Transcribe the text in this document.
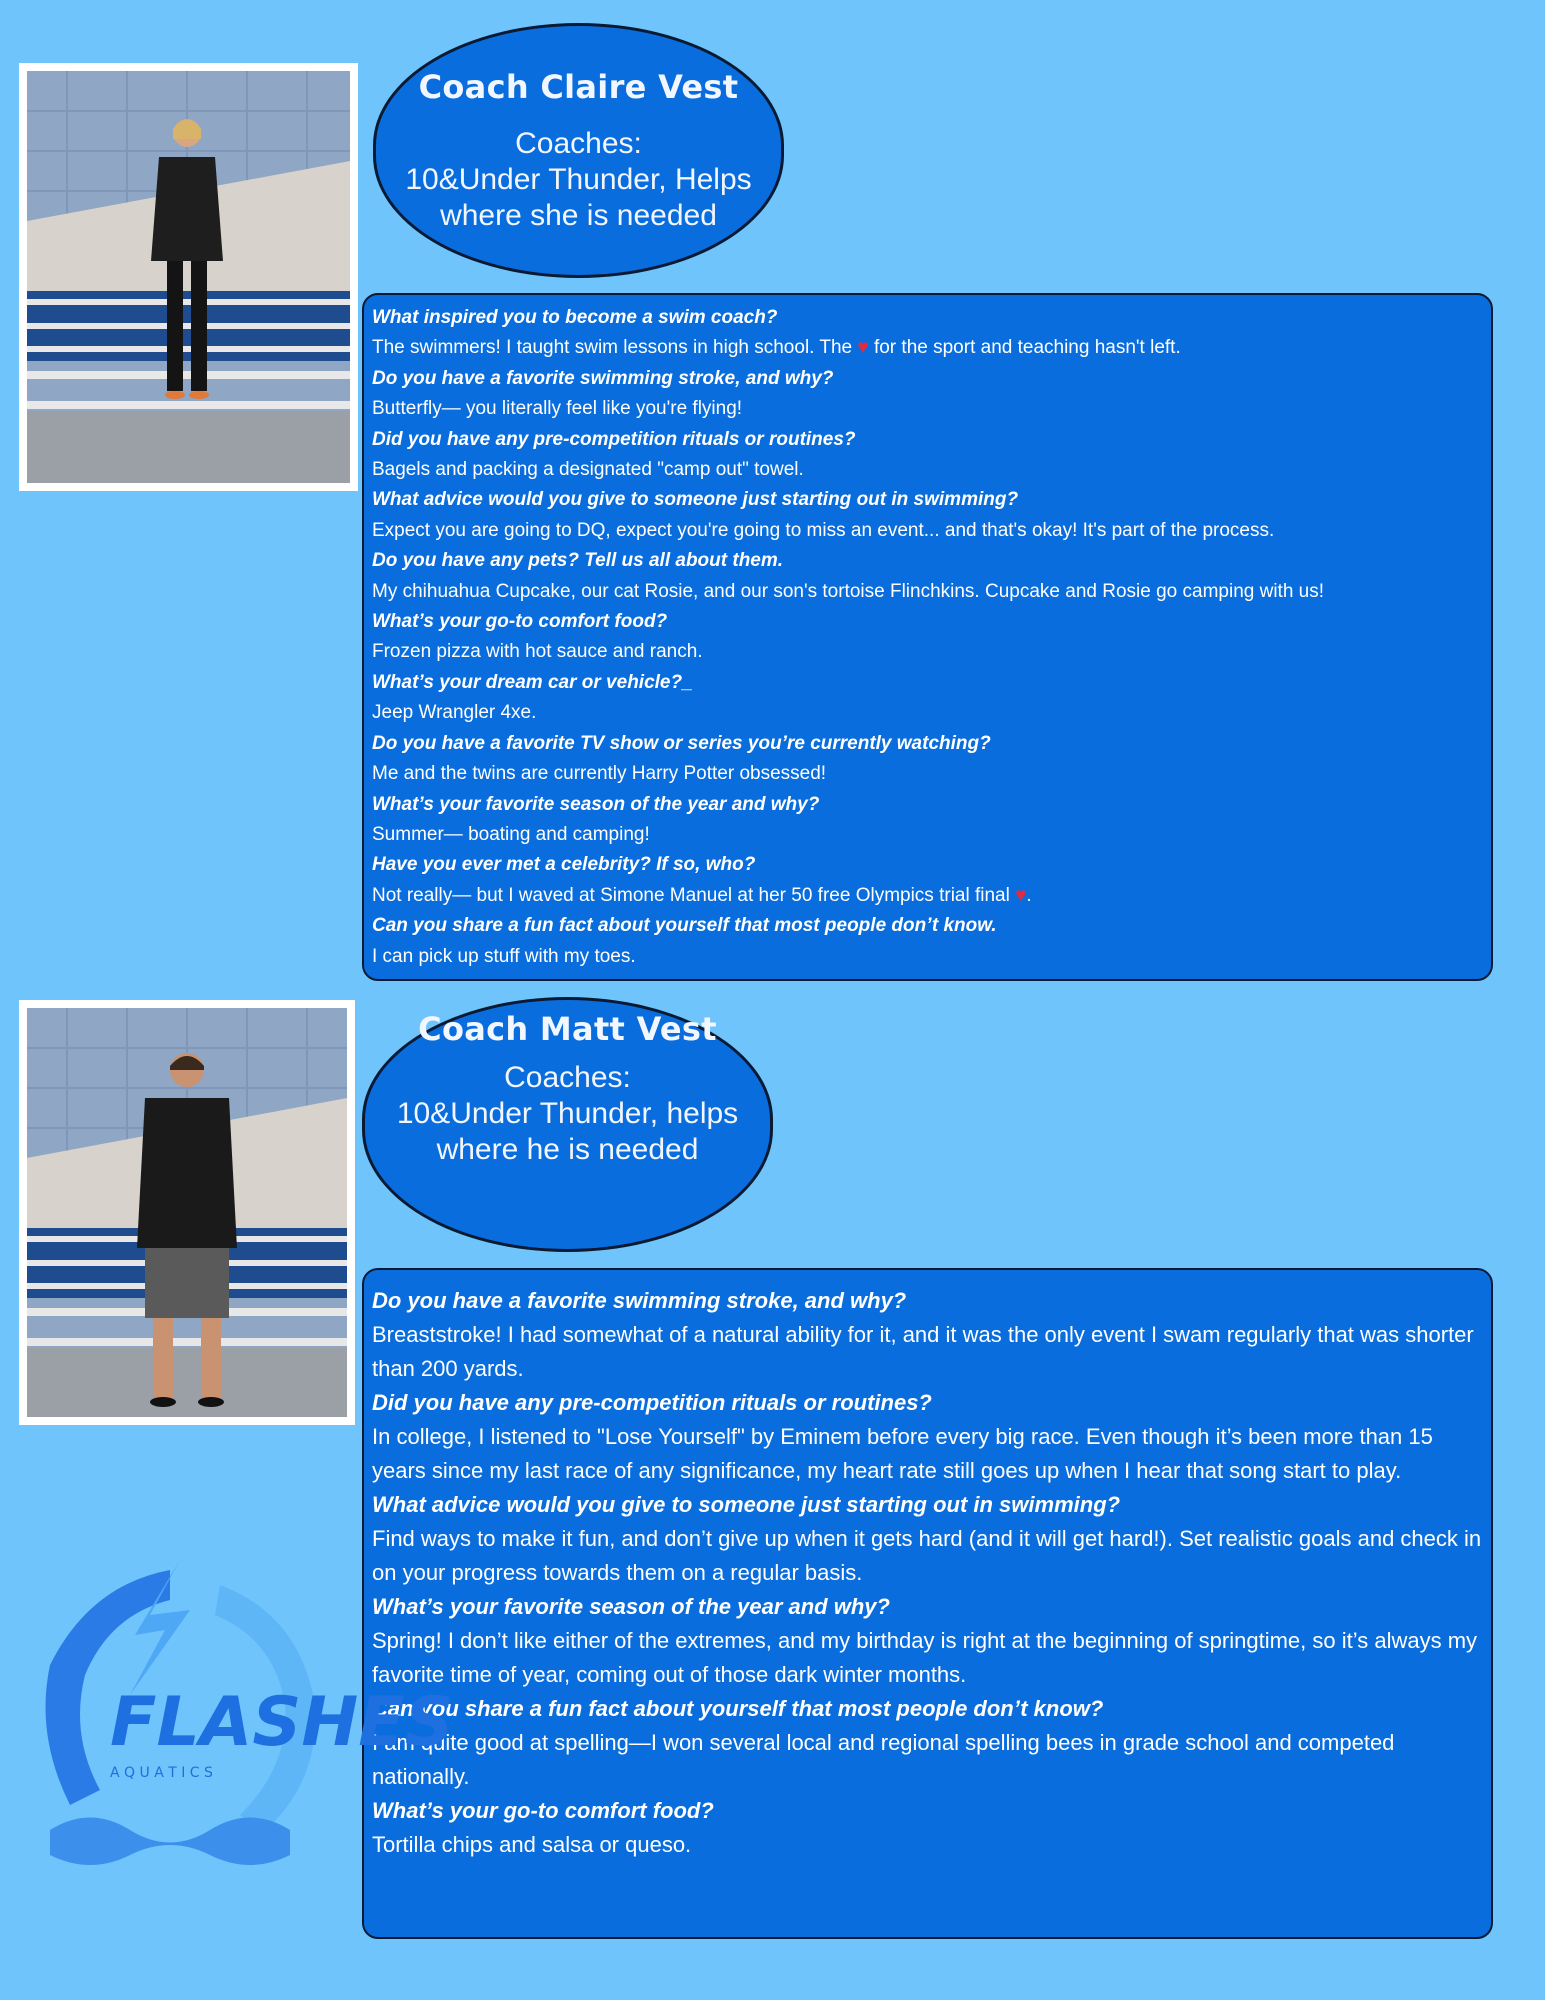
Coach Claire Vest
Coaches:
10&Under Thunder, Helps
where she is needed
What inspired you to become a swim coach?
The swimmers! I taught swim lessons in high school. The ♥ for the sport and teaching hasn't left.
Do you have a favorite swimming stroke, and why?
Butterfly— you literally feel like you're flying!
Did you have any pre-competition rituals or routines?
Bagels and packing a designated "camp out" towel.
What advice would you give to someone just starting out in swimming?
Expect you are going to DQ, expect you're going to miss an event... and that's okay! It's part of the process.
Do you have any pets? Tell us all about them.
My chihuahua Cupcake, our cat Rosie, and our son's tortoise Flinchkins. Cupcake and Rosie go camping with us!
What’s your go-to comfort food?
Frozen pizza with hot sauce and ranch.
What’s your dream car or vehicle?_
Jeep Wrangler 4xe.
Do you have a favorite TV show or series you’re currently watching?
Me and the twins are currently Harry Potter obsessed!
What’s your favorite season of the year and why?
Summer— boating and camping!
Have you ever met a celebrity? If so, who?
Not really— but I waved at Simone Manuel at her 50 free Olympics trial final ♥.
Can you share a fun fact about yourself that most people don’t know.
I can pick up stuff with my toes.
Coach Matt Vest
Coaches:
10&Under Thunder, helps
where he is needed
Do you have a favorite swimming stroke, and why?
Breaststroke! I had somewhat of a natural ability for it, and it was the only event I swam regularly that was shorter than 200 yards.
Did you have any pre-competition rituals or routines?
In college, I listened to "Lose Yourself" by Eminem before every big race. Even though it’s been more than 15 years since my last race of any significance, my heart rate still goes up when I hear that song start to play.
What advice would you give to someone just starting out in swimming?
Find ways to make it fun, and don’t give up when it gets hard (and it will get hard!). Set realistic goals and check in on your progress towards them on a regular basis.
What’s your favorite season of the year and why?
Spring! I don’t like either of the extremes, and my birthday is right at the beginning of springtime, so it’s always my favorite time of year, coming out of those dark winter months.
Can you share a fun fact about yourself that most people don’t know?
I am quite good at spelling—I won several local and regional spelling bees in grade school and competed nationally.
What’s your go-to comfort food?
Tortilla chips and salsa or queso.
FLASHES
A Q U A T I C S
